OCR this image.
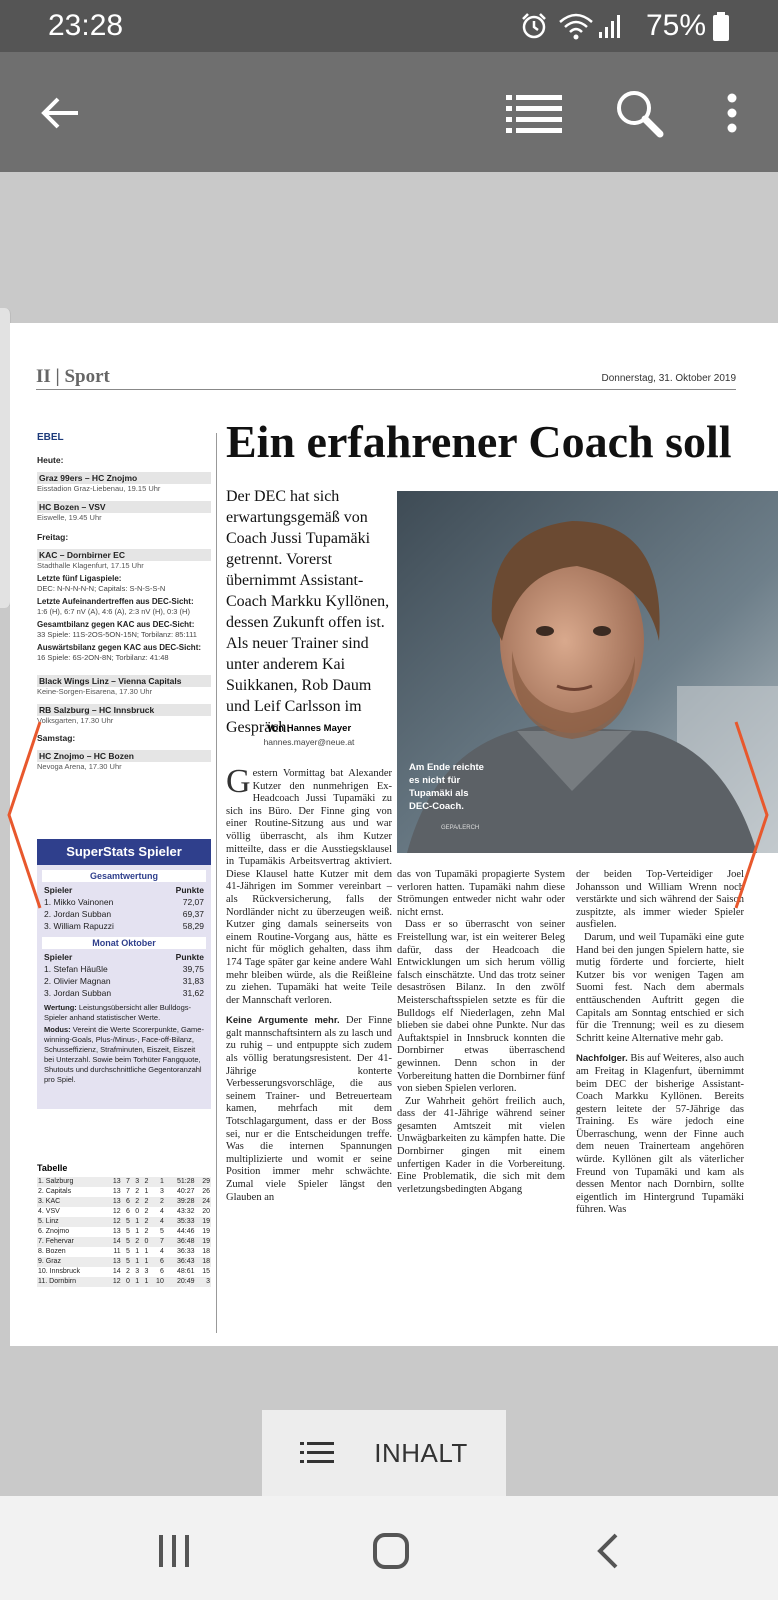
23:28	75%
II | Sport	Donnerstag, 31. Oktober 2019
EBEL
Heute:
Graz 99ers – HC Znojmo
Eisstadion Graz-Liebenau, 19.15 Uhr
HC Bozen – VSV
Eiswelle, 19.45 Uhr
Freitag:
KAC – Dornbirner EC
Stadthalle Klagenfurt, 17.15 Uhr
Letzte fünf Ligaspiele:
DEC: N-N-N-N-N; Capitals: S-N-S-S-N
Letzte Aufeinandertreffen aus DEC-Sicht:
1:6 (H), 6:7 nV (A), 4:6 (A), 2:3 nV (H), 0:3 (H)
Gesamtbilanz gegen KAC aus DEC-Sicht:
33 Spiele: 11S-2OS-5ON-15N; Torbilanz: 85:111
Auswärtsbilanz gegen KAC aus DEC-Sicht:
16 Spiele: 6S-2ON-8N; Torbilanz: 41:48
Black Wings Linz – Vienna Capitals
Keine-Sorgen-Eisarena, 17.30 Uhr
RB Salzburg – HC Innsbruck
Volksgarten, 17.30 Uhr
Samstag:
HC Znojmo – HC Bozen
Nevoga Arena, 17.30 Uhr
SuperStats Spieler
Gesamtwertung
Spieler	Punkte
1. Mikko Vainonen	72,07
2. Jordan Subban	69,37
3. William Rapuzzi	58,29
Monat Oktober
Spieler	Punkte
1. Stefan Häußle	39,75
2. Olivier Magnan	31,83
3. Jordan Subban	31,62
Wertung: Leistungsübersicht aller Bulldogs-Spieler anhand statistischer Werte.
Modus: Vereint die Werte Scorerpunkte, Game-winning-Goals, Plus-/Minus-, Face-off-Bilanz, Schusseffizienz, Strafminuten, Eiszeit, Eiszeit bei Unterzahl. Sowie beim Torhüter Fangquote, Shutouts und durchschnittliche Gegentoranzahl pro Spiel.
Tabelle
1. Salzburg	13	7	3	2	1	51:28	29
2. Capitals	13	7	2	1	3	40:27	26
3. KAC	13	6	2	2	2	39:28	24
4. VSV	12	6	0	2	4	43:32	20
5. Linz	12	5	1	2	4	35:33	19
6. Znojmo	13	5	1	2	5	44:46	19
7. Fehervar	14	5	2	0	7	36:48	19
8. Bozen	11	5	1	1	4	36:33	18
9. Graz	13	5	1	1	6	36:43	18
10. Innsbruck	14	2	3	3	6	48:61	15
11. Dornbirn	12	0	1	1	10	20:49	3
Ein erfahrener Coach soll
Der DEC hat sich erwartungsgemäß von Coach Jussi Tupamäki getrennt. Vorerst übernimmt Assistant-Coach Markku Kyllönen, dessen Zukunft offen ist. Als neuer Trainer sind unter anderem Kai Suikkanen, Rob Daum und Leif Carlsson im Gespräch.
Von Hannes Mayer
hannes.mayer@neue.at
Am Ende reichte es nicht für Tupamäki als DEC-Coach.
GEPA/LERCH

Gestern Vormittag bat Alexander Kutzer den nunmehrigen Ex-Headcoach Jussi Tupamäki zu sich ins Büro. Der Finne ging von einer Routine-Sitzung aus und war völlig überrascht, als ihm Kutzer mitteilte, dass er die Ausstiegsklausel in Tupamäkis Arbeitsvertrag aktiviert. Diese Klausel hatte Kutzer mit dem 41-Jährigen im Sommer vereinbart – als Rückversicherung, falls der Nordländer nicht zu überzeugen weiß. Kutzer ging damals seinerseits von einem Routine-Vorgang aus, hätte es nicht für möglich gehalten, dass ihm 174 Tage später gar keine andere Wahl mehr bleiben würde, als die Reißleine zu ziehen. Tupamäki hat weite Teile der Mannschaft verloren.

Keine Argumente mehr. Der Finne galt mannschaftsintern als zu lasch und zu ruhig – und entpuppte sich zudem als völlig beratungsresistent. Der 41-Jährige konterte Verbesserungsvorschläge, die aus seinem Trainer- und Betreuerteam kamen, mehrfach mit dem Totschlagargument, dass er der Boss sei, nur er die Entscheidungen treffe. Was die internen Spannungen multiplizierte und womit er seine Position immer mehr schwächte. Zumal viele Spieler längst den Glauben an

das von Tupamäki propagierte System verloren hatten. Tupamäki nahm diese Strömungen entweder nicht wahr oder nicht ernst.

Dass er so überrascht von seiner Freistellung war, ist ein weiterer Beleg dafür, dass der Headcoach die Entwicklungen um sich herum völlig falsch einschätzte. Und das trotz seiner desaströsen Bilanz. In den zwölf Meisterschaftsspielen setzte es für die Bulldogs elf Niederlagen, zehn Mal blieben sie dabei ohne Punkte. Nur das Auftaktspiel in Innsbruck konnten die Dornbirner etwas überraschend gewinnen. Denn schon in der Vorbereitung hatten die Dornbirner fünf von sieben Spielen verloren.

Zur Wahrheit gehört freilich auch, dass der 41-Jährige während seiner gesamten Amtszeit mit vielen Unwägbarkeiten zu kämpfen hatte. Die Dornbirner gingen mit einem unfertigen Kader in die Vorbereitung. Eine Problematik, die sich mit dem verletzungsbedingten Abgang

der beiden Top-Verteidiger Joel Johansson und William Wrenn noch verstärkte und sich während der Saison zuspitzte, als immer wieder Spieler ausfielen.

Darum, und weil Tupamäki eine gute Hand bei den jungen Spielern hatte, sie mutig förderte und forcierte, hielt Kutzer bis vor wenigen Tagen am Suomi fest. Nach dem abermals enttäuschenden Auftritt gegen die Capitals am Sonntag entschied er sich für die Trennung; weil es zu diesem Schritt keine Alternative mehr gab.

Nachfolger. Bis auf Weiteres, also auch am Freitag in Klagenfurt, übernimmt beim DEC der bisherige Assistant-Coach Markku Kyllönen. Bereits gestern leitete der 57-Jährige das Training. Es wäre jedoch eine Überraschung, wenn der Finne auch dem neuen Trainerteam angehören würde. Kyllönen gilt als väterlicher Freund von Tupamäki und kam als dessen Mentor nach Dornbirn, sollte eigentlich im Hintergrund Tupamäki führen. Was

INHALT
